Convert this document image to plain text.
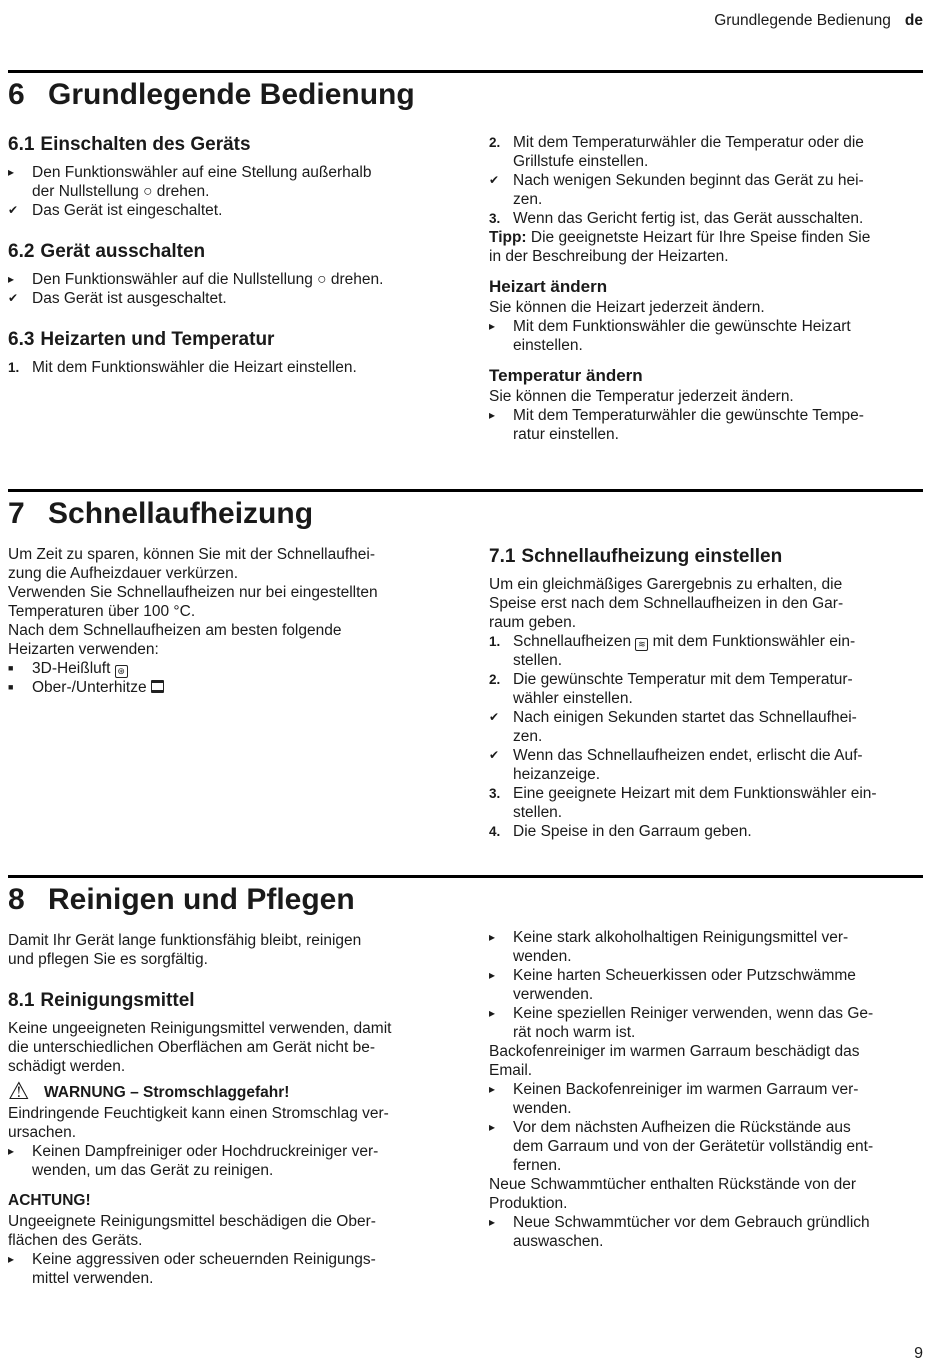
Grundlegende Bedienung de
6 Grundlegende Bedienung
6.1 Einschalten des Geräts
▸	Den Funktionswähler auf eine Stellung außerhalb
der Nullstellung ○ drehen.
✔ Das Gerät ist eingeschaltet.
6.2 Gerät ausschalten
▸	Den Funktionswähler auf die Nullstellung ○ drehen.
✔ Das Gerät ist ausgeschaltet.
6.3 Heizarten und Temperatur
1. Mit dem Funktionswähler die Heizart einstellen.
2. Mit dem Temperaturwähler die Temperatur oder die
Grillstufe einstellen.
✔ Nach wenigen Sekunden beginnt das Gerät zu hei-
zen.
3. Wenn das Gericht fertig ist, das Gerät ausschalten.
Tipp: Die geeignetste Heizart für Ihre Speise finden Sie
in der Beschreibung der Heizarten.
Heizart ändern
Sie können die Heizart jederzeit ändern.
▸	Mit dem Funktionswähler die gewünschte Heizart
einstellen.
Temperatur ändern
Sie können die Temperatur jederzeit ändern.
▸	Mit dem Temperaturwähler die gewünschte Tempe-
ratur einstellen.
7 Schnellaufheizung
Um Zeit zu sparen, können Sie mit der Schnellaufhei-
zung die Aufheizdauer verkürzen.
Verwenden Sie Schnellaufheizen nur bei eingestellten
Temperaturen über 100 °C.
Nach dem Schnellaufheizen am besten folgende
Heizarten verwenden:
■	3D-Heißluft ⊛
■	Ober-/Unterhitze
7.1 Schnellaufheizung einstellen
Um ein gleichmäßiges Garergebnis zu erhalten, die
Speise erst nach dem Schnellaufheizen in den Gar-
raum geben.
1. Schnellaufheizen ≋ mit dem Funktionswähler ein-
stellen.
2. Die gewünschte Temperatur mit dem Temperatur-
wähler einstellen.
✔ Nach einigen Sekunden startet das Schnellaufhei-
zen.
✔ Wenn das Schnellaufheizen endet, erlischt die Auf-
heizanzeige.
3. Eine geeignete Heizart mit dem Funktionswähler ein-
stellen.
4. Die Speise in den Garraum geben.
8 Reinigen und Pflegen
Damit Ihr Gerät lange funktionsfähig bleibt, reinigen
und pflegen Sie es sorgfältig.
8.1 Reinigungsmittel
Keine ungeeigneten Reinigungsmittel verwenden, damit
die unterschiedlichen Oberflächen am Gerät nicht be-
schädigt werden.
⚠ WARNUNG – Stromschlaggefahr!
Eindringende Feuchtigkeit kann einen Stromschlag ver-
ursachen.
▸	Keinen Dampfreiniger oder Hochdruckreiniger ver-
wenden, um das Gerät zu reinigen.
ACHTUNG!
Ungeeignete Reinigungsmittel beschädigen die Ober-
flächen des Geräts.
▸	Keine aggressiven oder scheuernden Reinigungs-
mittel verwenden.
▸	Keine stark alkoholhaltigen Reinigungsmittel ver-
wenden.
▸	Keine harten Scheuerkissen oder Putzschwämme
verwenden.
▸	Keine speziellen Reiniger verwenden, wenn das Ge-
rät noch warm ist.
Backofenreiniger im warmen Garraum beschädigt das
Email.
▸	Keinen Backofenreiniger im warmen Garraum ver-
wenden.
▸	Vor dem nächsten Aufheizen die Rückstände aus
dem Garraum und von der Gerätetür vollständig ent-
fernen.
Neue Schwammtücher enthalten Rückstände von der
Produktion.
▸	Neue Schwammtücher vor dem Gebrauch gründlich
auswaschen.
9
